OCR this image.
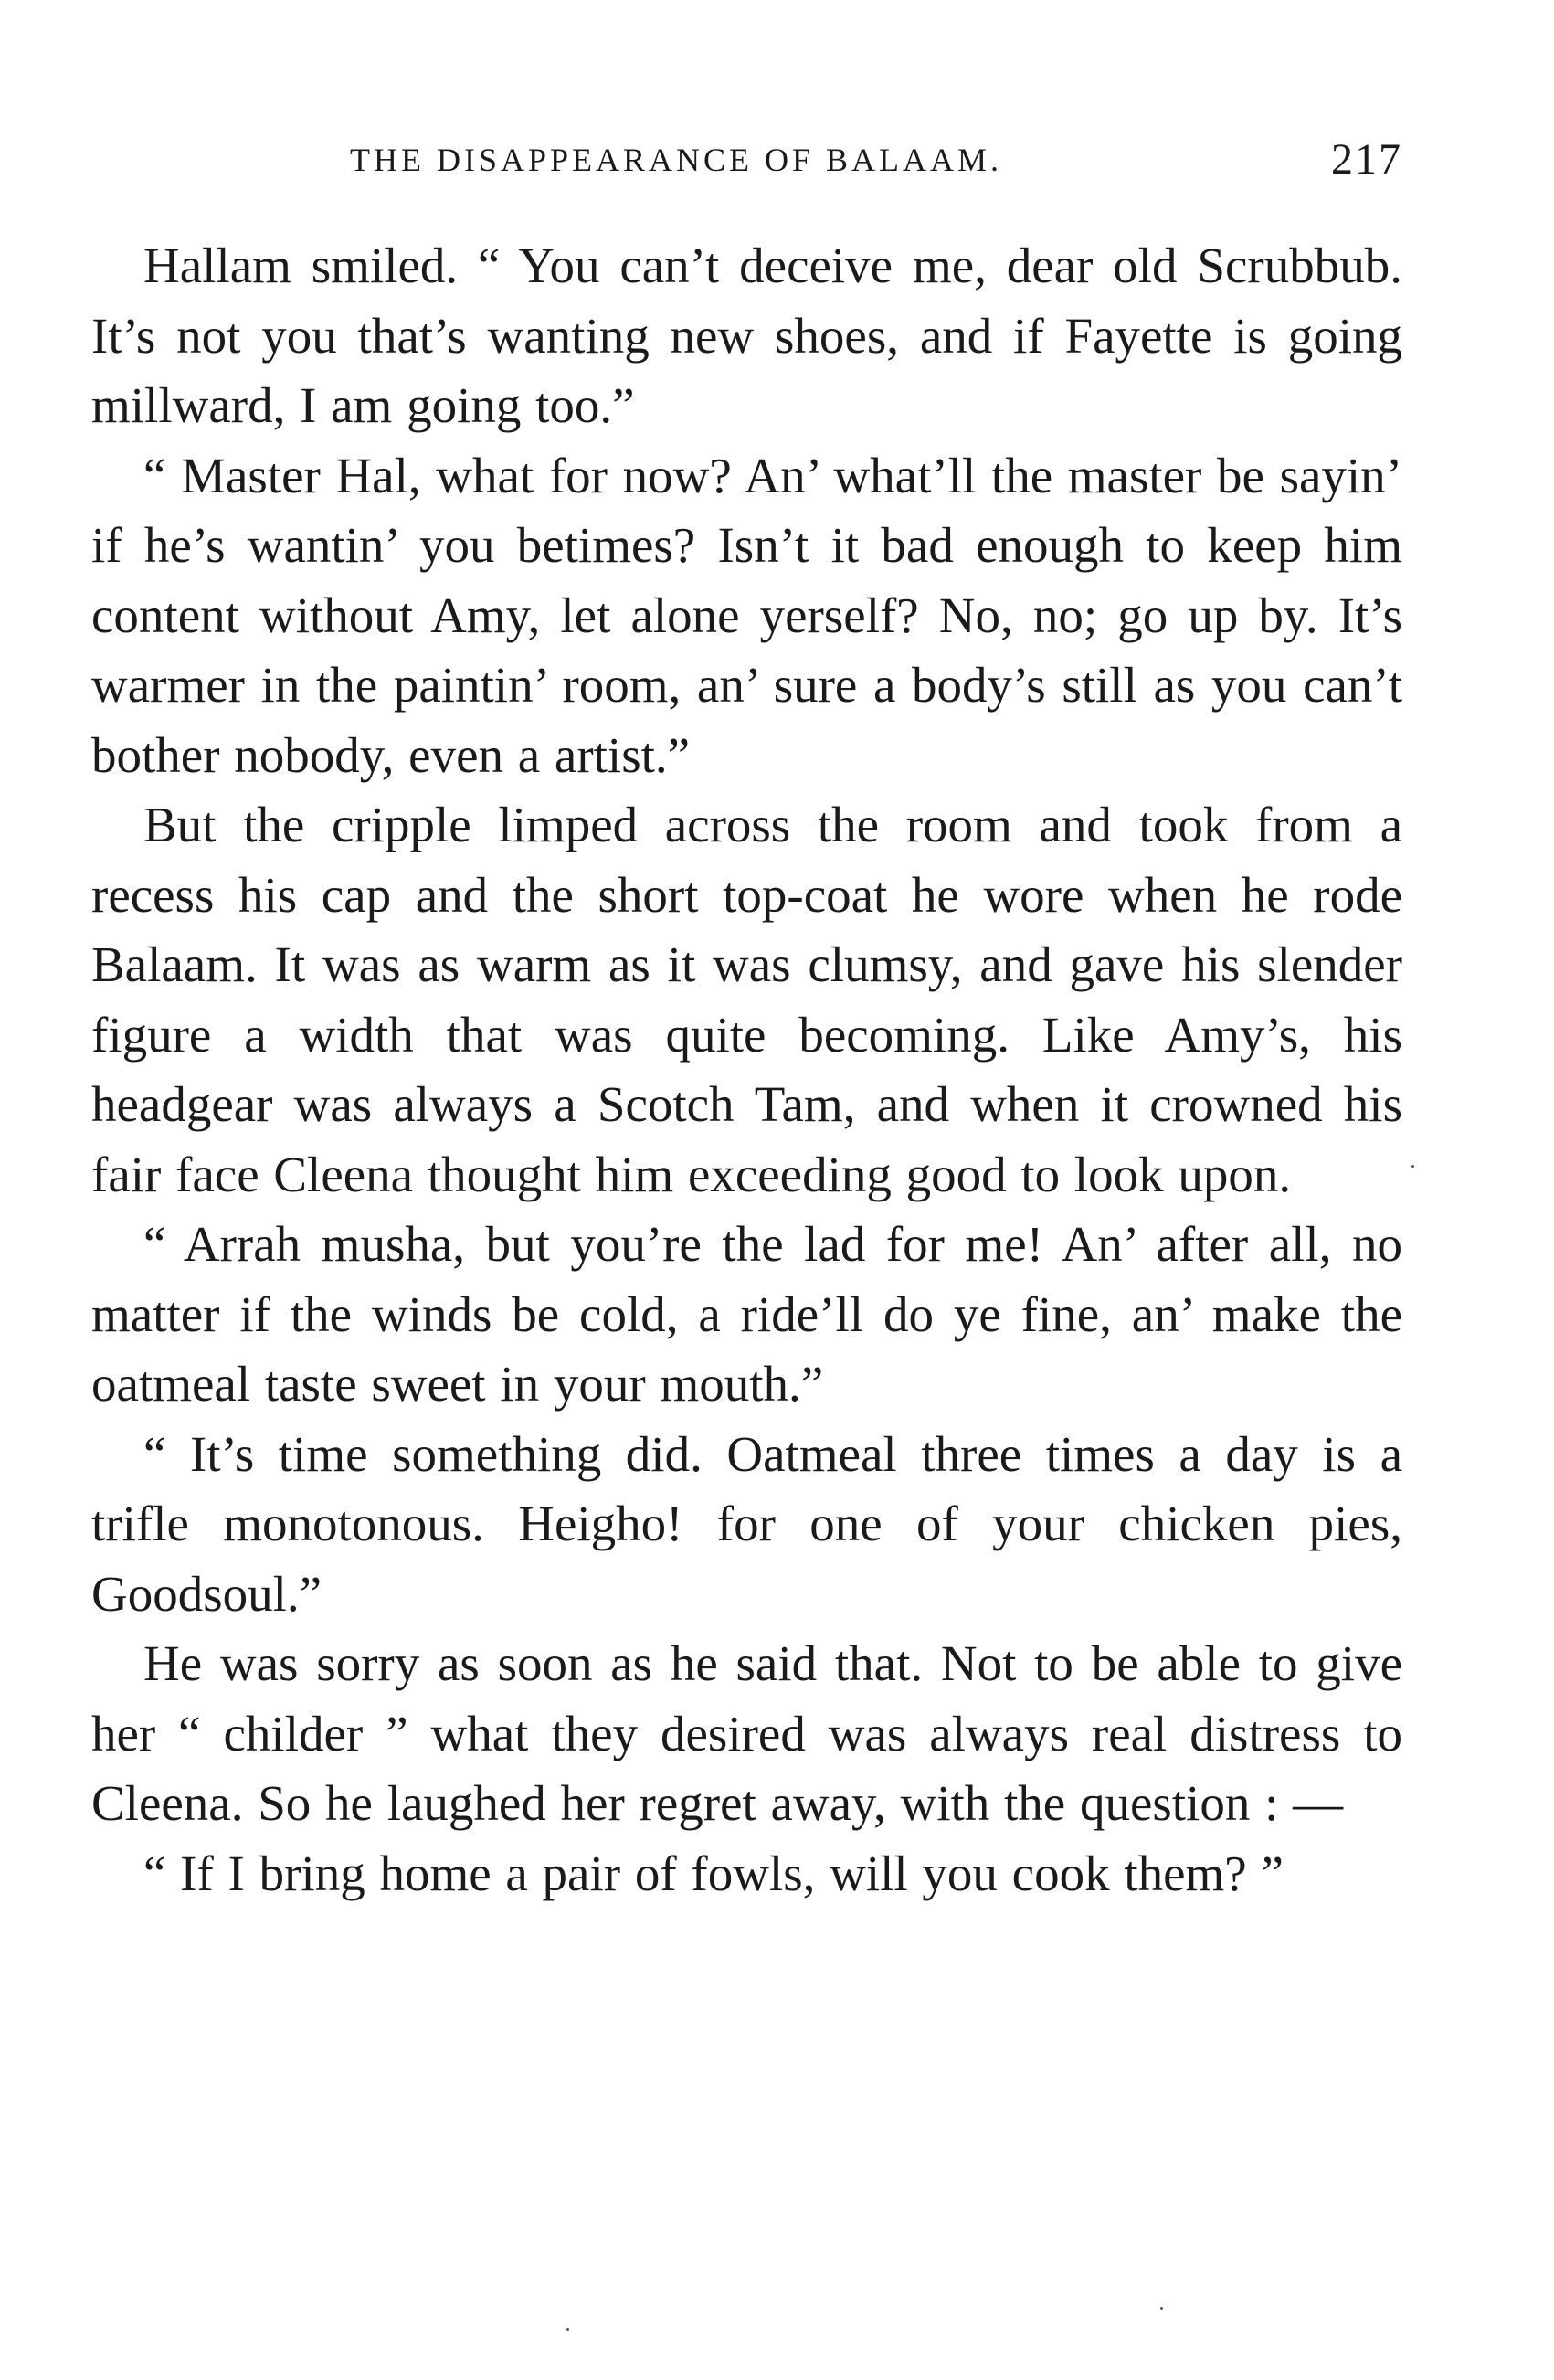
THE DISAPPEARANCE OF BALAAM.	217

Hallam smiled. “ You can’t deceive me, dear old Scrubbub. It’s not you that’s wanting new shoes, and if Fayette is going millward, I am going too.”

“ Master Hal, what for now? An’ what’ll the master be sayin’ if he’s wantin’ you betimes? Isn’t it bad enough to keep him content without Amy, let alone yerself? No, no; go up by. It’s warmer in the paintin’ room, an’ sure a body’s still as you can’t bother nobody, even a artist.”

But the cripple limped across the room and took from a recess his cap and the short top-coat he wore when he rode Balaam. It was as warm as it was clumsy, and gave his slender figure a width that was quite becoming. Like Amy’s, his headgear was always a Scotch Tam, and when it crowned his fair face Cleena thought him exceeding good to look upon.

“ Arrah musha, but you’re the lad for me! An’ after all, no matter if the winds be cold, a ride’ll do ye fine, an’ make the oatmeal taste sweet in your mouth.”

“ It’s time something did. Oatmeal three times a day is a trifle monotonous. Heigho! for one of your chicken pies, Goodsoul.”

He was sorry as soon as he said that. Not to be able to give her “ childer ” what they desired was always real distress to Cleena. So he laughed her regret away, with the question : —

“ If I bring home a pair of fowls, will you cook them? ”
